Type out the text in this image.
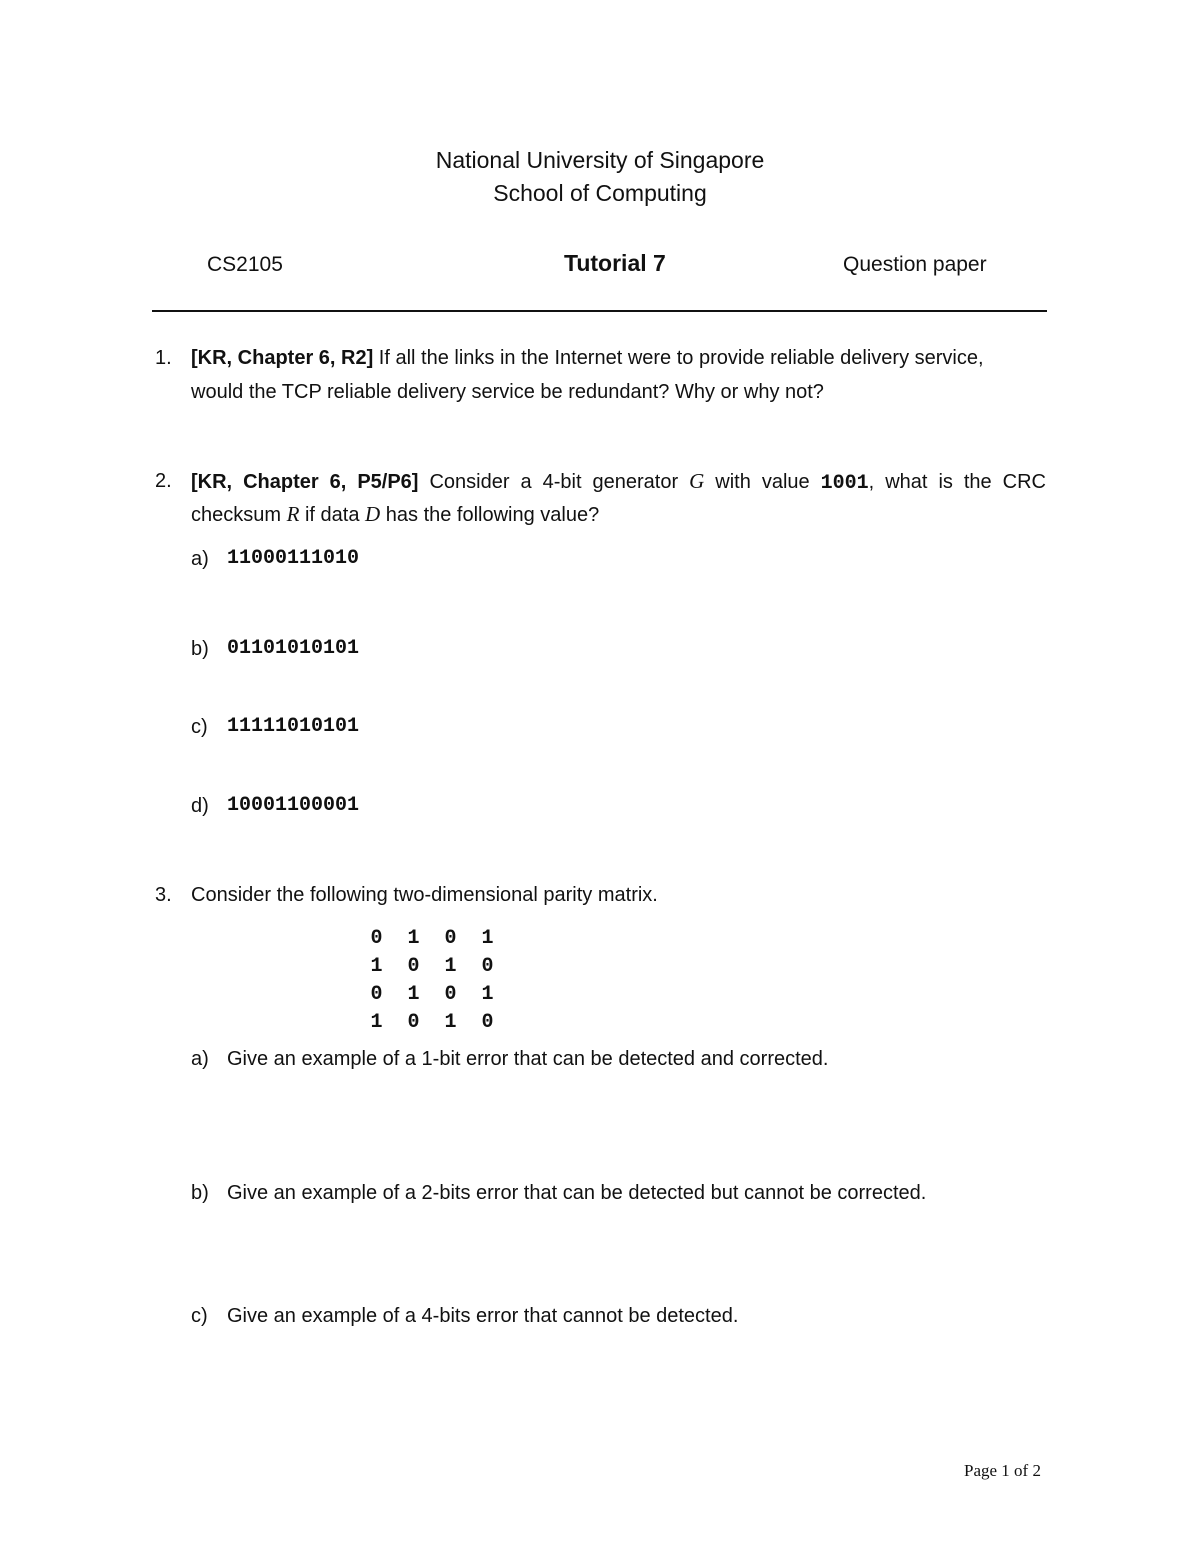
National University of Singapore
School of Computing
CS2105	Tutorial 7	Question paper
1. [KR, Chapter 6, R2] If all the links in the Internet were to provide reliable delivery service,
would the TCP reliable delivery service be redundant? Why or why not?
2. [KR, Chapter 6, P5/P6] Consider a 4-bit generator G with value 1001, what is the CRC
checksum R if data D has the following value?
a) 11000111010
b) 01101010101
c) 11111010101
d) 10001100001
3. Consider the following two-dimensional parity matrix.
0	1	0	1
1	0	1	0
0	1	0	1
1	0	1	0
a) Give an example of a 1-bit error that can be detected and corrected.
b) Give an example of a 2-bits error that can be detected but cannot be corrected.
c) Give an example of a 4-bits error that cannot be detected.
Page 1 of 2
